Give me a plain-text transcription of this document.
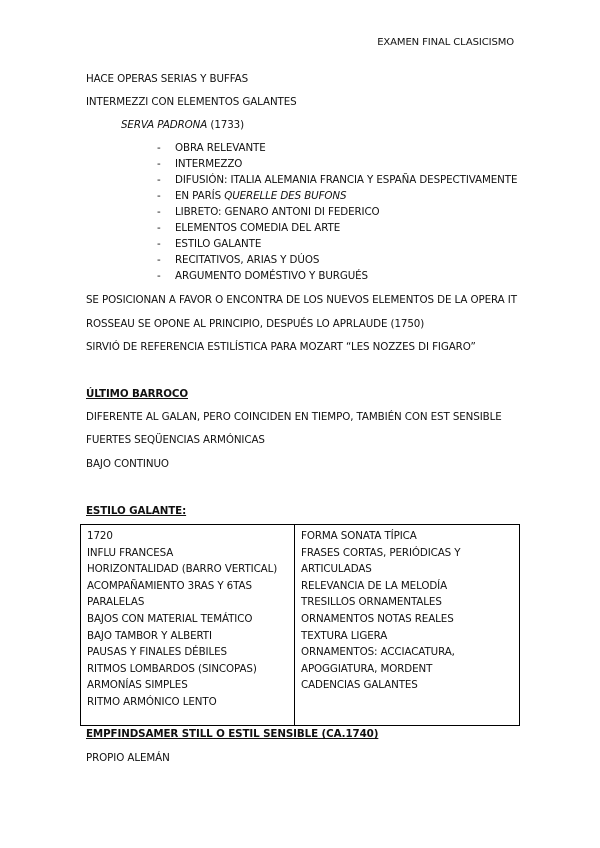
EXAMEN FINAL CLASICISMO
HACE OPERAS SERIAS Y BUFFAS
INTERMEZZI CON ELEMENTOS GALANTES
SERVA PADRONA (1733)
- OBRA RELEVANTE
- INTERMEZZO
- DIFUSIÓN: ITALIA ALEMANIA FRANCIA Y ESPAÑA DESPECTIVAMENTE
- EN PARÍS QUERELLE DES BUFONS
- LIBRETO: GENARO ANTONI DI FEDERICO
- ELEMENTOS COMEDIA DEL ARTE
- ESTILO GALANTE
- RECITATIVOS, ARIAS Y DÚOS
- ARGUMENTO DOMÉSTIVO Y BURGUÉS
SE POSICIONAN A FAVOR O ENCONTRA DE LOS NUEVOS ELEMENTOS DE LA OPERA IT
ROSSEAU SE OPONE AL PRINCIPIO, DESPUÉS LO APRLAUDE (1750)
SIRVIÓ DE REFERENCIA ESTILÍSTICA PARA MOZART “LES NOZZES DI FIGARO”
ÚLTIMO BARROCO
DIFERENTE AL GALAN, PERO COINCIDEN EN TIEMPO, TAMBIÉN CON EST SENSIBLE
FUERTES SEQÜENCIAS ARMÓNICAS
BAJO CONTINUO
ESTILO GALANTE:
1720
INFLU FRANCESA
HORIZONTALIDAD (BARRO VERTICAL)
ACOMPAÑAMIENTO 3RAS Y 6TAS
PARALELAS
BAJOS CON MATERIAL TEMÁTICO
BAJO TAMBOR Y ALBERTI
PAUSAS Y FINALES DÉBILES
RITMOS LOMBARDOS (SINCOPAS)
ARMONÍAS SIMPLES
RITMO ARMÓNICO LENTO

FORMA SONATA TÍPICA
FRASES CORTAS, PERIÓDICAS Y
ARTICULADAS
RELEVANCIA DE LA MELODÍA
TRESILLOS ORNAMENTALES
ORNAMENTOS NOTAS REALES
TEXTURA LIGERA
ORNAMENTOS: ACCIACATURA,
APOGGIATURA, MORDENT
CADENCIAS GALANTES
EMPFINDSAMER STILL O ESTIL SENSIBLE (CA.1740)
PROPIO ALEMÁN
